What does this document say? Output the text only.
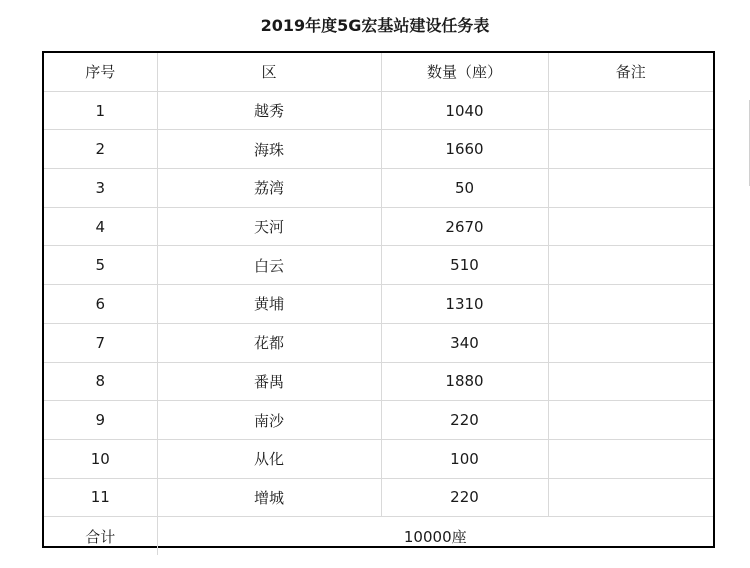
2019年度5G宏基站建设任务表
序号	区	数量（座）	备注
1	越秀	1040	
2	海珠	1660	
3	荔湾	50	
4	天河	2670	
5	白云	510	
6	黄埔	1310	
7	花都	340	
8	番禺	1880	
9	南沙	220	
10	从化	100	
11	增城	220	
合计	10000座		
